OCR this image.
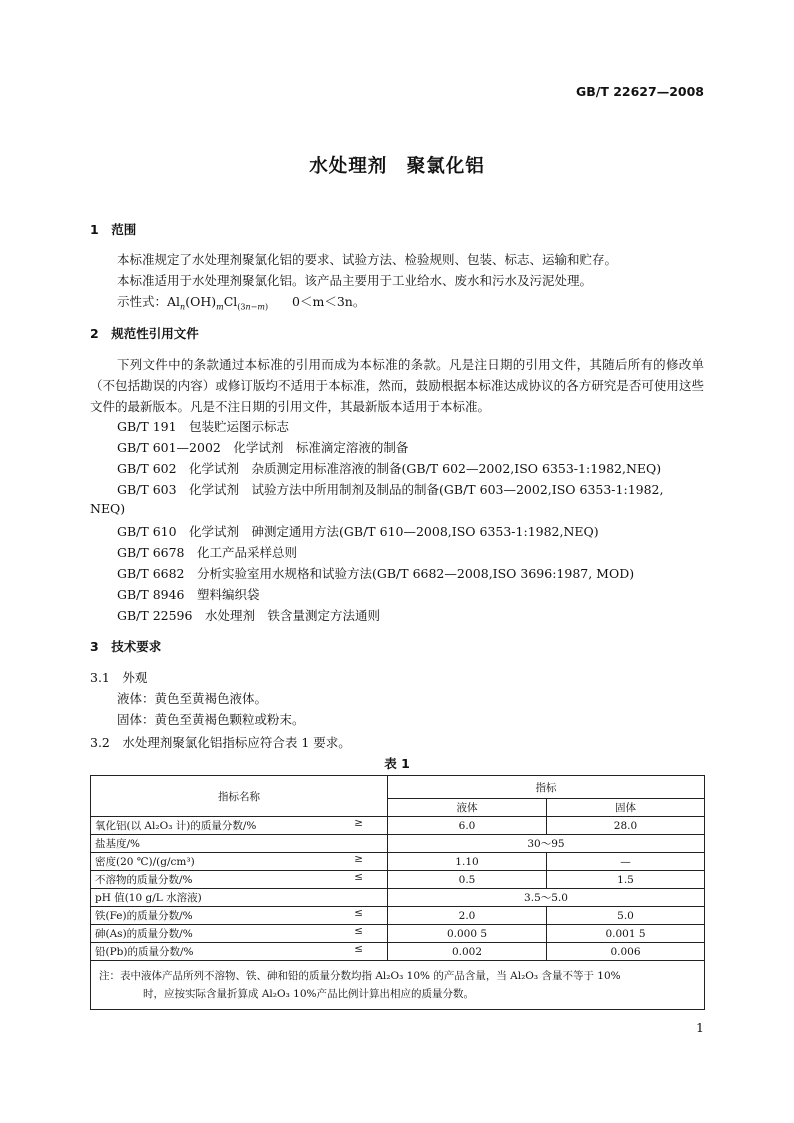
GB/T 22627—2008
水处理剂　聚氯化铝
1　范围
本标准规定了水处理剂聚氯化铝的要求、试验方法、检验规则、包装、标志、运输和贮存。
本标准适用于水处理剂聚氯化铝。该产品主要用于工业给水、废水和污水及污泥处理。
示性式：$Al_n(OH)_mCl_{(3n-m)}$ 0＜m＜3n。
2　规范性引用文件
下列文件中的条款通过本标准的引用而成为本标准的条款。凡是注日期的引用文件，其随后所有的修改单（不包括勘误的内容）或修订版均不适用于本标准，然而，鼓励根据本标准达成协议的各方研究是否可使用这些文件的最新版本。凡是不注日期的引用文件，其最新版本适用于本标准。
GB/T 191　包装贮运图示标志
GB/T 601—2002　化学试剂　标准滴定溶液的制备
GB/T 602　化学试剂　杂质测定用标准溶液的制备(GB/T 602—2002,ISO 6353-1:1982,NEQ)
GB/T 603　化学试剂　试验方法中所用制剂及制品的制备(GB/T 603—2002,ISO 6353-1:1982,
NEQ)
GB/T 610　化学试剂　砷测定通用方法(GB/T 610—2008,ISO 6353-1:1982,NEQ)
GB/T 6678　化工产品采样总则
GB/T 6682　分析实验室用水规格和试验方法(GB/T 6682—2008,ISO 3696:1987, MOD)
GB/T 8946　塑料编织袋
GB/T 22596　水处理剂　铁含量测定方法通则
3　技术要求
3.1　外观
液体：黄色至黄褐色液体。
固体：黄色至黄褐色颗粒或粉末。
3.2　水处理剂聚氯化铝指标应符合表 1 要求。
表 1
指标名称	指标	
	液体	固体
氧化铝(以 Al₂O₃ 计)的质量分数/% ≥	6.0	28.0
盐基度/%	30～95	
密度(20 ℃)/(g/cm³) ≥	1.10	—
不溶物的质量分数/% ≤	0.5	1.5
pH 值(10 g/L 水溶液)	3.5～5.0	
铁(Fe)的质量分数/% ≤	2.0	5.0
砷(As)的质量分数/% ≤	0.000 5	0.001 5
铅(Pb)的质量分数/% ≤	0.002	0.006

注：表中液体产品所列不溶物、铁、砷和铅的质量分数均指 Al₂O₃ 10% 的产品含量，当 Al₂O₃ 含量不等于 10%
时，应按实际含量折算成 Al₂O₃ 10%产品比例计算出相应的质量分数。		
1
